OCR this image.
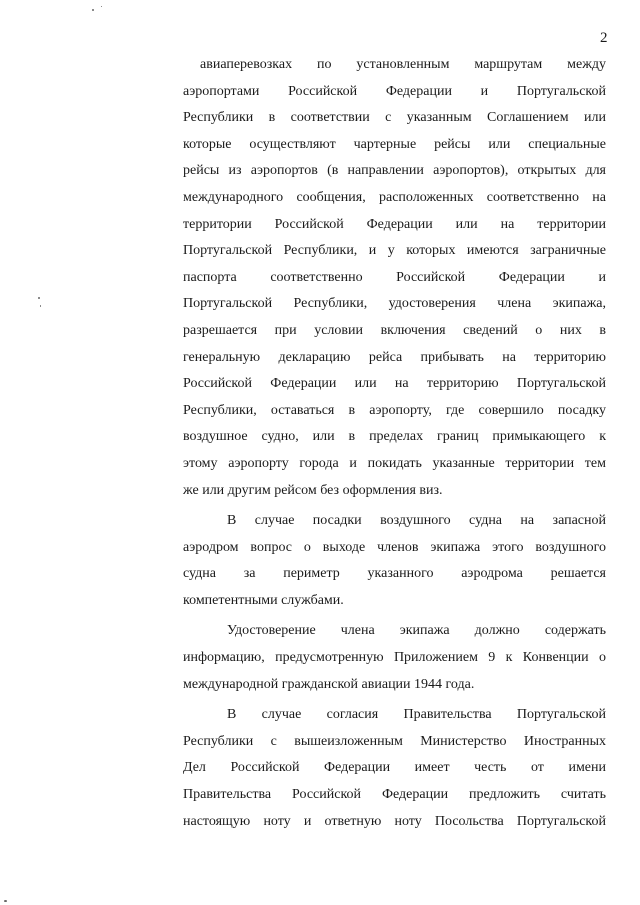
2
авиаперевозках по установленным маршрутам между
аэропортами Российской Федерации и Португальской
Республики в соответствии с указанным Соглашением или
которые осуществляют чартерные рейсы или специальные
рейсы из аэропортов (в направлении аэропортов), открытых для
международного сообщения, расположенных соответственно на
территории Российской Федерации или на территории
Португальской Республики, и у которых имеются заграничные
паспорта соответственно Российской Федерации и
Португальской Республики, удостоверения члена экипажа,
разрешается при условии включения сведений о них в
генеральную декларацию рейса прибывать на территорию
Российской Федерации или на территорию Португальской
Республики, оставаться в аэропорту, где совершило посадку
воздушное судно, или в пределах границ примыкающего к
этому аэропорту города и покидать указанные территории тем
же или другим рейсом без оформления виз.
В случае посадки воздушного судна на запасной
аэродром вопрос о выходе членов экипажа этого воздушного
судна за периметр указанного аэродрома решается
компетентными службами.
Удостоверение члена экипажа должно содержать
информацию, предусмотренную Приложением 9 к Конвенции о
международной гражданской авиации 1944 года.
В случае согласия Правительства Португальской
Республики с вышеизложенным Министерство Иностранных
Дел Российской Федерации имеет честь от имени
Правительства Российской Федерации предложить считать
настоящую ноту и ответную ноту Посольства Португальской
